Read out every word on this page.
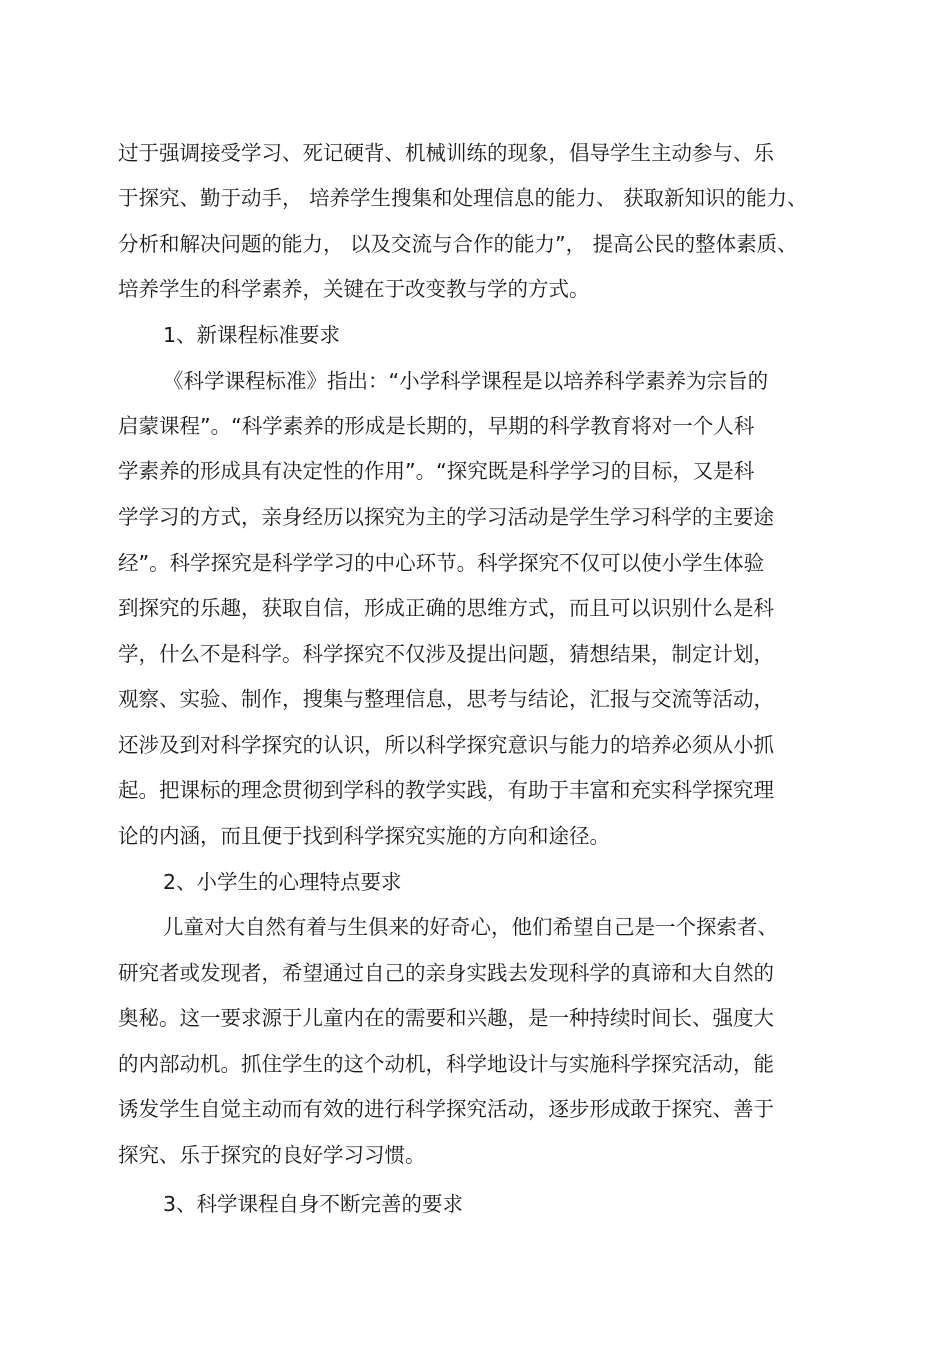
过于强调接受学习、死记硬背、机械训练的现象，倡导学生主动参与、乐
于探究、勤于动手， 培养学生搜集和处理信息的能力、 获取新知识的能力、
分析和解决问题的能力， 以及交流与合作的能力”， 提高公民的整体素质、
培养学生的科学素养，关键在于改变教与学的方式。
1、新课程标准要求
《科学课程标准》指出：“小学科学课程是以培养科学素养为宗旨的
启蒙课程”。“科学素养的形成是长期的，早期的科学教育将对一个人科
学素养的形成具有决定性的作用”。“探究既是科学学习的目标，又是科
学学习的方式，亲身经历以探究为主的学习活动是学生学习科学的主要途
经”。科学探究是科学学习的中心环节。科学探究不仅可以使小学生体验
到探究的乐趣，获取自信，形成正确的思维方式，而且可以识别什么是科
学，什么不是科学。科学探究不仅涉及提出问题，猜想结果，制定计划，
观察、实验、制作，搜集与整理信息，思考与结论，汇报与交流等活动，
还涉及到对科学探究的认识，所以科学探究意识与能力的培养必须从小抓
起。把课标的理念贯彻到学科的教学实践，有助于丰富和充实科学探究理
论的内涵，而且便于找到科学探究实施的方向和途径。
2、小学生的心理特点要求
儿童对大自然有着与生俱来的好奇心，他们希望自己是一个探索者、
研究者或发现者，希望通过自己的亲身实践去发现科学的真谛和大自然的
奥秘。这一要求源于儿童内在的需要和兴趣，是一种持续时间长、强度大
的内部动机。抓住学生的这个动机，科学地设计与实施科学探究活动，能
诱发学生自觉主动而有效的进行科学探究活动，逐步形成敢于探究、善于
探究、乐于探究的良好学习习惯。
3、科学课程自身不断完善的要求
